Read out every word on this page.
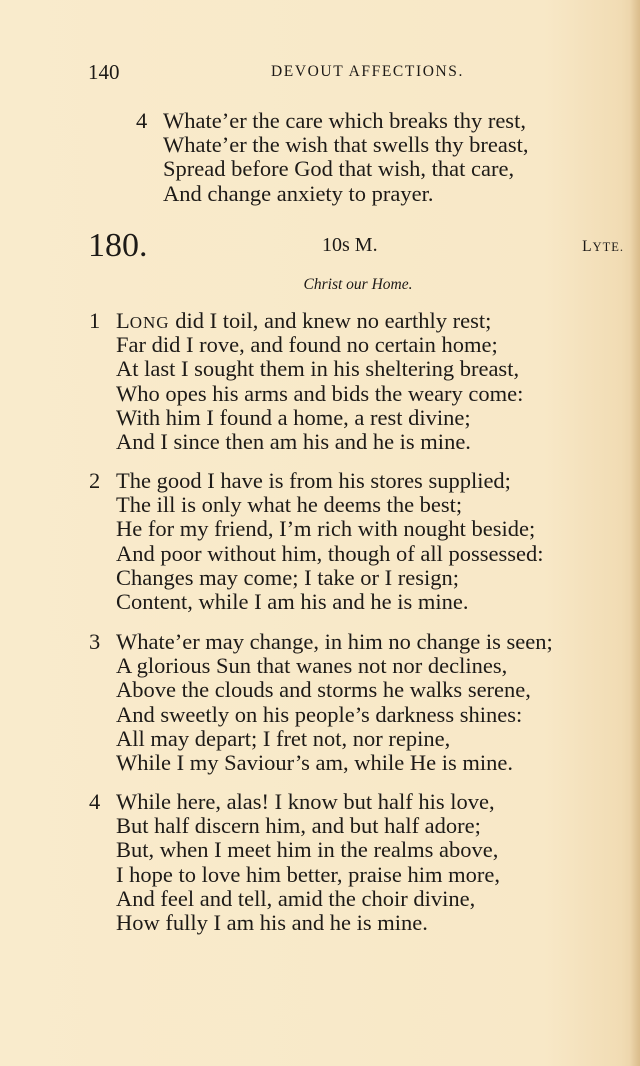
140	DEVOUT AFFECTIONS.
4 Whate’er the care which breaks thy rest,
Whate’er the wish that swells thy breast,
Spread before God that wish, that care,
And change anxiety to prayer.
180.	10s M.	LYTE.
Christ our Home.
1 LONG did I toil, and knew no earthly rest;
Far did I rove, and found no certain home;
At last I sought them in his sheltering breast,
Who opes his arms and bids the weary come:
With him I found a home, a rest divine;
And I since then am his and he is mine.
2 The good I have is from his stores supplied;
The ill is only what he deems the best;
He for my friend, I’m rich with nought beside;
And poor without him, though of all possessed:
Changes may come; I take or I resign;
Content, while I am his and he is mine.
3 Whate’er may change, in him no change is seen;
A glorious Sun that wanes not nor declines,
Above the clouds and storms he walks serene,
And sweetly on his people’s darkness shines:
All may depart; I fret not, nor repine,
While I my Saviour’s am, while He is mine.
4 While here, alas! I know but half his love,
But half discern him, and but half adore;
But, when I meet him in the realms above,
I hope to love him better, praise him more,
And feel and tell, amid the choir divine,
How fully I am his and he is mine.
